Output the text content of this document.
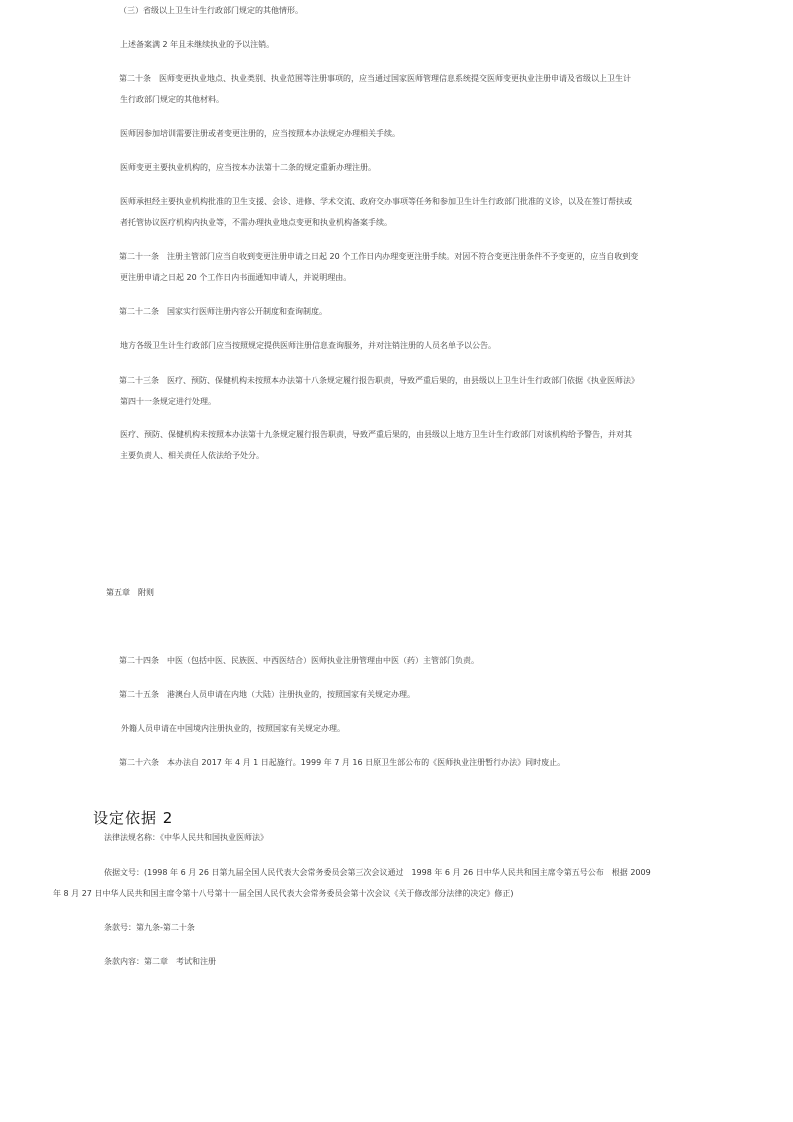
（三）省级以上卫生计生行政部门规定的其他情形。
上述备案满 2 年且未继续执业的予以注销。
第二十条　医师变更执业地点、执业类别、执业范围等注册事项的，应当通过国家医师管理信息系统提交医师变更执业注册申请及省级以上卫生计
生行政部门规定的其他材料。
医师因参加培训需要注册或者变更注册的，应当按照本办法规定办理相关手续。
医师变更主要执业机构的，应当按本办法第十二条的规定重新办理注册。
医师承担经主要执业机构批准的卫生支援、会诊、进修、学术交流、政府交办事项等任务和参加卫生计生行政部门批准的义诊，以及在签订帮扶或
者托管协议医疗机构内执业等，不需办理执业地点变更和执业机构备案手续。
第二十一条　注册主管部门应当自收到变更注册申请之日起 20 个工作日内办理变更注册手续。对因不符合变更注册条件不予变更的，应当自收到变
更注册申请之日起 20 个工作日内书面通知申请人，并说明理由。
第二十二条　国家实行医师注册内容公开制度和查询制度。
地方各级卫生计生行政部门应当按照规定提供医师注册信息查询服务，并对注销注册的人员名单予以公告。
第二十三条　医疗、预防、保健机构未按照本办法第十八条规定履行报告职责，导致严重后果的，由县级以上卫生计生行政部门依据《执业医师法》
第四十一条规定进行处理。
医疗、预防、保健机构未按照本办法第十九条规定履行报告职责，导致严重后果的，由县级以上地方卫生计生行政部门对该机构给予警告，并对其
主要负责人、相关责任人依法给予处分。
第五章　附则
第二十四条　中医（包括中医、民族医、中西医结合）医师执业注册管理由中医（药）主管部门负责。
第二十五条　港澳台人员申请在内地（大陆）注册执业的，按照国家有关规定办理。
外籍人员申请在中国境内注册执业的，按照国家有关规定办理。
第二十六条　本办法自 2017 年 4 月 1 日起施行。1999 年 7 月 16 日原卫生部公布的《医师执业注册暂行办法》同时废止。
设定依据 2
法律法规名称：《中华人民共和国执业医师法》
依据文号：(1998 年 6 月 26 日第九届全国人民代表大会常务委员会第三次会议通过　1998 年 6 月 26 日中华人民共和国主席令第五号公布　根据 2009
年 8 月 27 日中华人民共和国主席令第十八号第十一届全国人民代表大会常务委员会第十次会议《关于修改部分法律的决定》修正)
条款号：第九条-第二十条
条款内容：第二章　考试和注册
